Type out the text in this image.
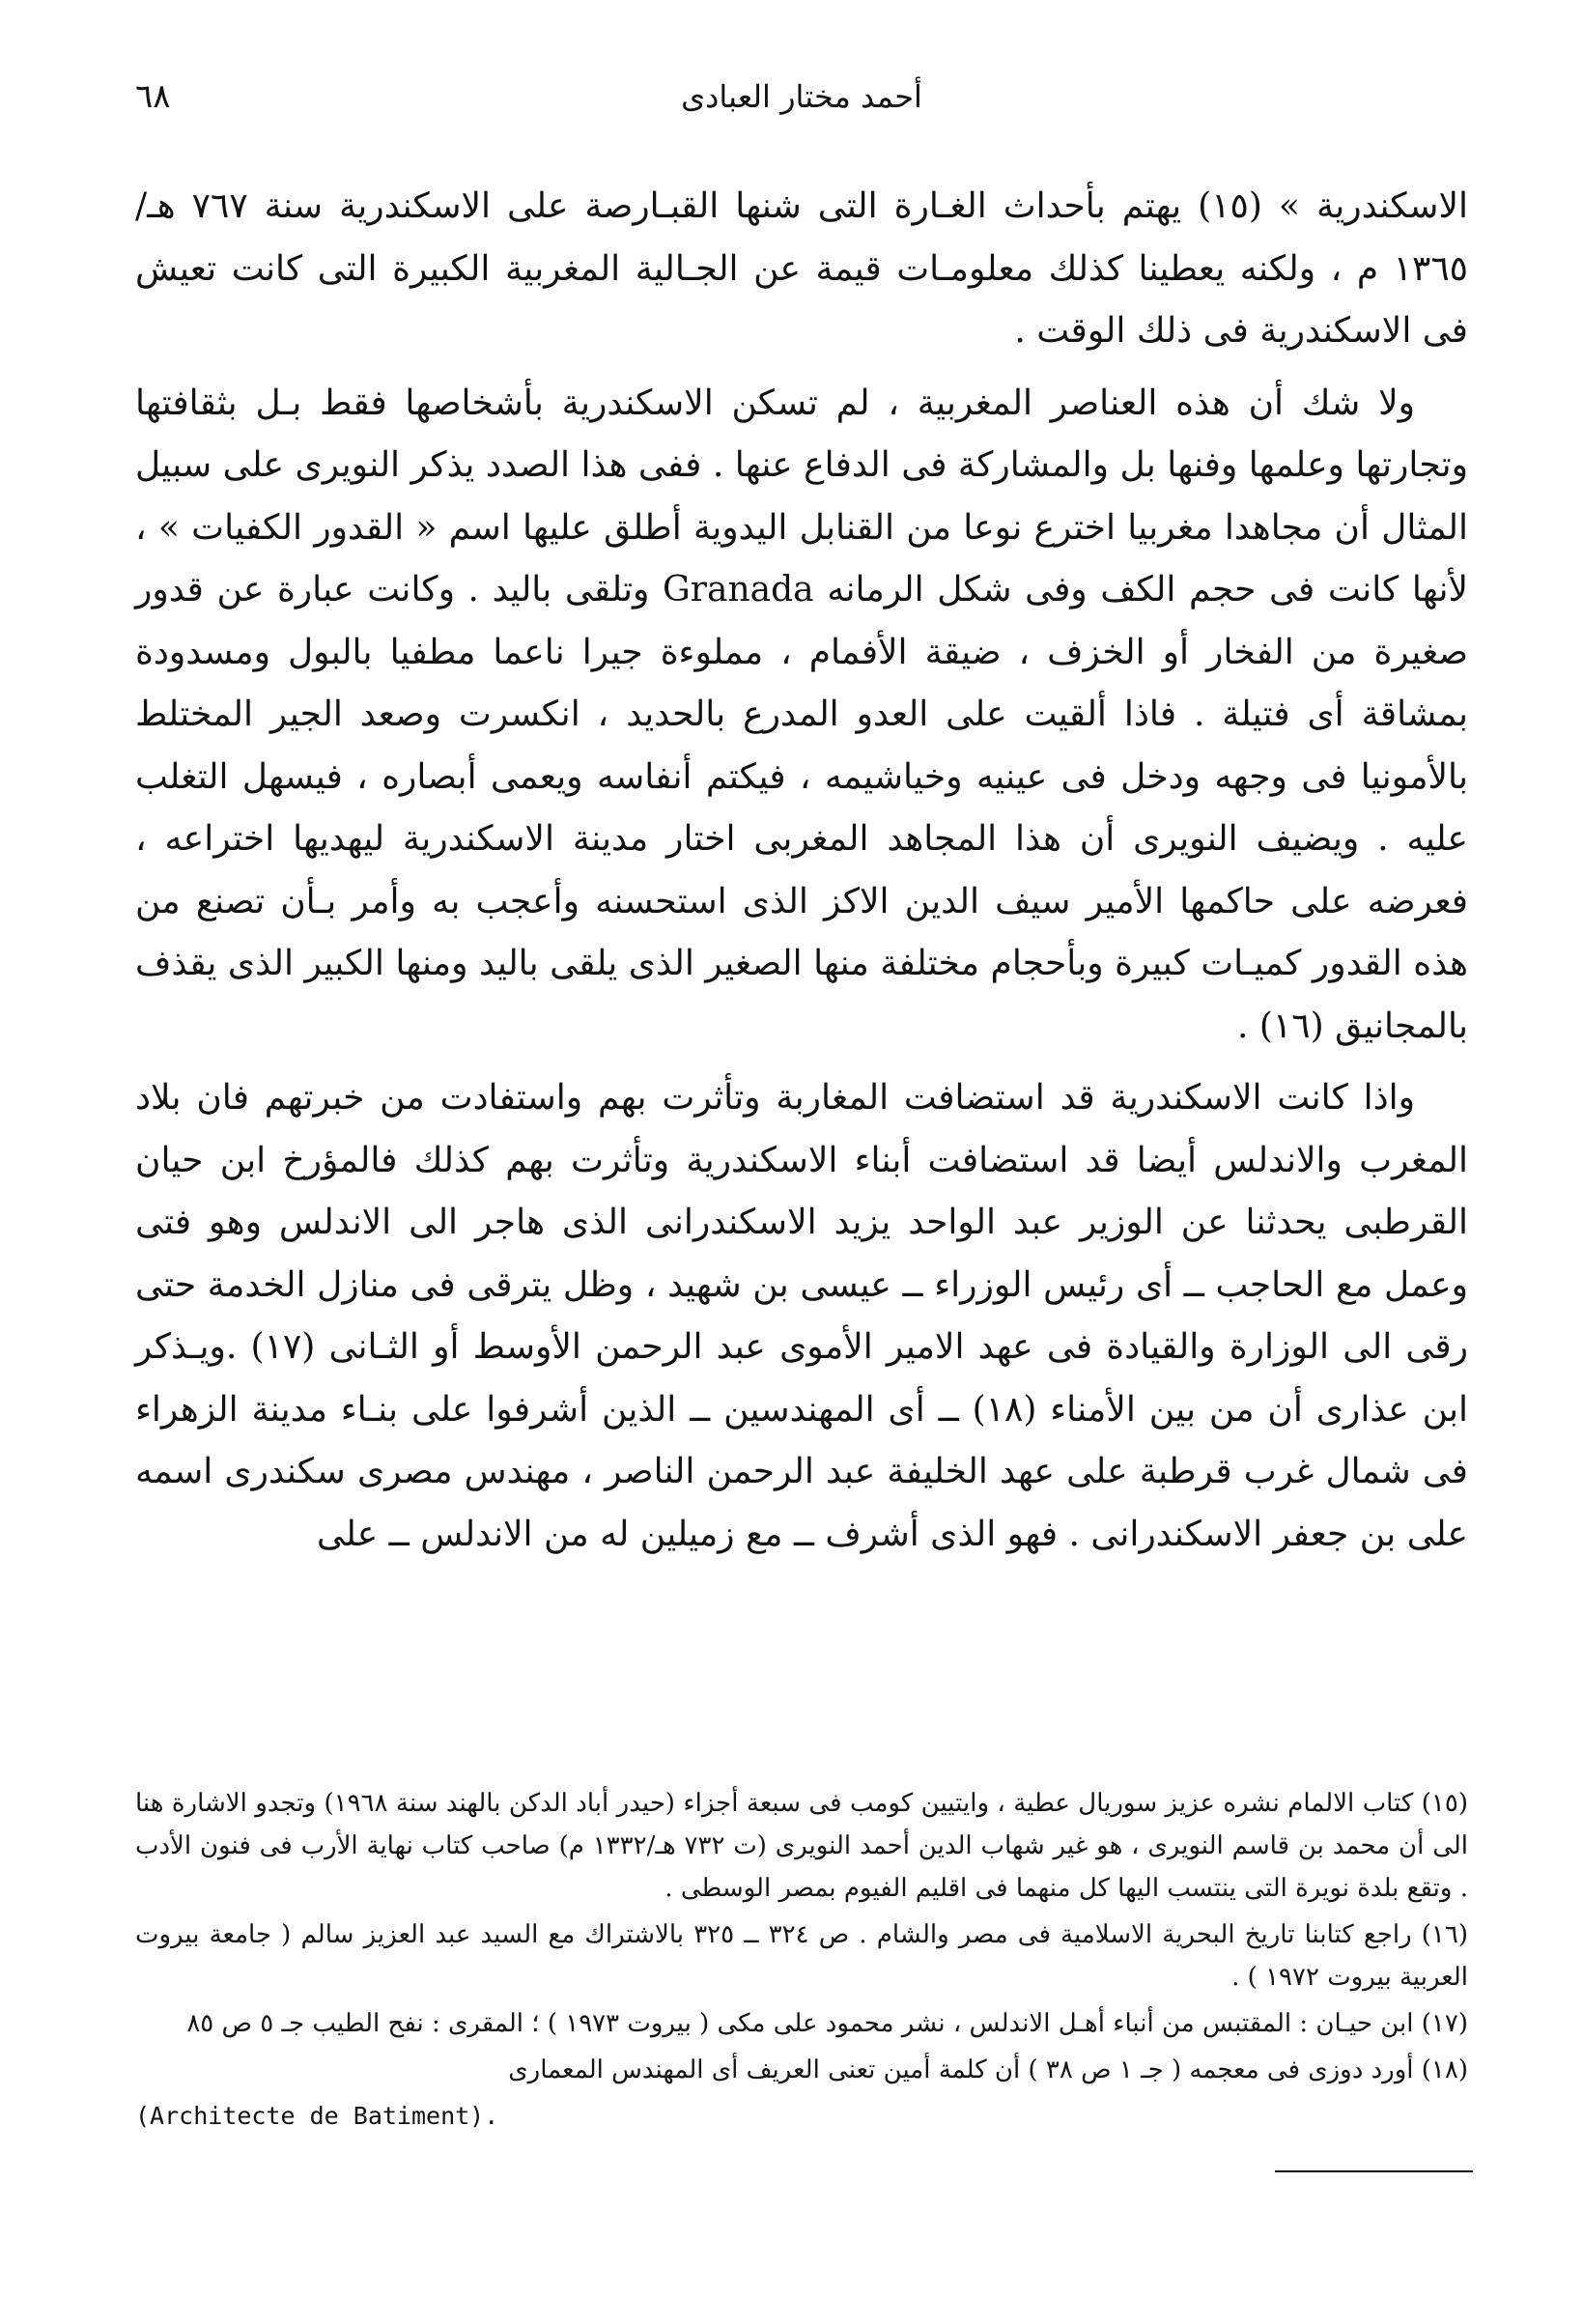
أحمد مختار العبادى
٦٨

الاسكندرية » (١٥) يهتم بأحداث الغـارة التى شنها القبـارصة على الاسكندرية سنة ٧٦٧ هـ/١٣٦٥ م ، ولكنه يعطينا كذلك معلومـات قيمة عن الجـالية المغربية الكبيرة التى كانت تعيش فى الاسكندرية فى ذلك الوقت .

ولا شك أن هذه العناصر المغربية ، لم تسكن الاسكندرية بأشخاصها فقط بـل بثقافتها وتجارتها وعلمها وفنها بل والمشاركة فى الدفاع عنها . ففى هذا الصدد يذكر النويرى على سبيل المثال أن مجاهدا مغربيا اخترع نوعا من القنابل اليدوية أطلق عليها اسم « القدور الكفيات » ، لأنها كانت فى حجم الكف وفى شكل الرمانه Granada وتلقى باليد . وكانت عبارة عن قدور صغيرة من الفخار أو الخزف ، ضيقة الأفمام ، مملوءة جيرا ناعما مطفيا بالبول ومسدودة بمشاقة أى فتيلة . فاذا ألقيت على العدو المدرع بالحديد ، انكسرت وصعد الجير المختلط بالأمونيا فى وجهه ودخل فى عينيه وخياشيمه ، فيكتم أنفاسه ويعمى أبصاره ، فيسهل التغلب عليه . ويضيف النويرى أن هذا المجاهد المغربى اختار مدينة الاسكندرية ليهديها اختراعه ، فعرضه على حاكمها الأمير سيف الدين الاكز الذى استحسنه وأعجب به وأمر بـأن تصنع من هذه القدور كميـات كبيرة وبأحجام مختلفة منها الصغير الذى يلقى باليد ومنها الكبير الذى يقذف بالمجانيق (١٦) .

واذا كانت الاسكندرية قد استضافت المغاربة وتأثرت بهم واستفادت من خبرتهم فان بلاد المغرب والاندلس أيضا قد استضافت أبناء الاسكندرية وتأثرت بهم كذلك فالمؤرخ ابن حيان القرطبى يحدثنا عن الوزير عبد الواحد يزيد الاسكندرانى الذى هاجر الى الاندلس وهو فتى وعمل مع الحاجب ــ أى رئيس الوزراء ــ عيسى بن شهيد ، وظل يترقى فى منازل الخدمة حتى رقى الى الوزارة والقيادة فى عهد الامير الأموى عبد الرحمن الأوسط أو الثـانى (١٧) .ويـذكر ابن عذارى أن من بين الأمناء (١٨) ــ أى المهندسين ــ الذين أشرفوا على بنـاء مدينة الزهراء فى شمال غرب قرطبة على عهد الخليفة عبد الرحمن الناصر ، مهندس مصرى سكندرى اسمه على بن جعفر الاسكندرانى . فهو الذى أشرف ــ مع زميلين له من الاندلس ــ على

(١٥) كتاب الالمام نشره عزيز سوريال عطية ، وايتيين كومب فى سبعة أجزاء (حيدر أباد الدكن بالهند سنة ١٩٦٨) وتجدو الاشارة هنا الى أن محمد بن قاسم النويرى ، هو غير شهاب الدين أحمد النويرى (ت ٧٣٢ هـ/١٣٣٢ م) صاحب كتاب نهاية الأرب فى فنون الأدب . وتقع بلدة نويرة التى ينتسب اليها كل منهما فى اقليم الفيوم بمصر الوسطى .

(١٦) راجع كتابنا تاريخ البحرية الاسلامية فى مصر والشام . ص ٣٢٤ ــ ٣٢٥ بالاشتراك مع السيد عبد العزيز سالم ( جامعة بيروت العربية بيروت ١٩٧٢ ) .

(١٧) ابن حيـان : المقتبس من أنباء أهـل الاندلس ، نشر محمود على مكى ( بيروت ١٩٧٣ ) ؛ المقرى : نفح الطيب جـ ٥ ص ٨٥

(١٨) أورد دوزى فى معجمه ( جـ ١ ص ٣٨ ) أن كلمة أمين تعنى العريف أى المهندس المعمارى

(Architecte de Batiment).
